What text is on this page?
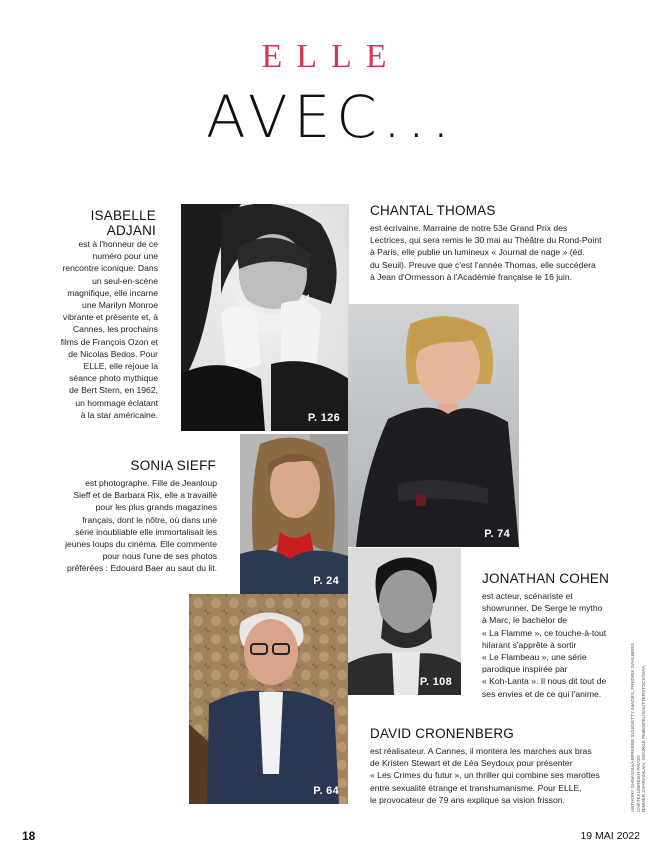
ELLE
AVEC...
ISABELLE
ADJANI
est à l'honneur de ce
numéro pour une
rencontre iconique. Dans
un seul-en-scène
magnifique, elle incarne
une Marilyn Monroe
vibrante et présente et, à
Cannes, les prochains
films de François Ozon et
de Nicolas Bedos. Pour
ELLE, elle rejoue la
séance photo mythique
de Bert Stern, en 1962,
un hommage éclatant
à la star américaine.	P. 126
CHANTAL THOMAS
est écrivaine. Marraine de notre 53e Grand Prix des
Lectrices, qui sera remis le 30 mai au Théâtre du Rond-Point
à Paris, elle publie un lumineux « Journal de nage » (éd.
du Seuil). Preuve que c'est l'année Thomas, elle succédera
à Jean d'Ormesson à l'Académie française le 16 juin.
P. 74
SONIA SIEFF
est photographe. Fille de Jeanloup
Sieff et de Barbara Rix, elle a travaillé
pour les plus grands magazines
français, dont le nôtre, où dans une
série inoubliable elle immortalisait les
jeunes loups du cinéma. Elle commente
pour nous l'une de ses photos
préférées : Edouard Baer au saut du lit.
P. 24
P. 108
JONATHAN COHEN
est acteur, scénariste et
showrunner. De Serge le mytho
à Marc, le bachelor de
« La Flamme », ce touche-à-tout
hilarant s'apprête à sortir
« Le Flambeau », une série
parodique inspirée par
« Koh-Lanta ». Il nous dit tout de
ses envies et de ce qui l'anime.
P. 64
DAVID CRONENBERG
est réalisateur. A Cannes, il montera les marches aux bras
de Kristen Stewart et de Léa Seydoux pour présenter
« Les Crimes du futur », un thriller qui combine ses marottes
entre sexualité étrange et transhumanisme. Pour ELLE,
le provocateur de 79 ans explique sa vision frisson.	ANTHONY GHNASSIA/AB/PIERRE SUU/GETTY IMAGES, FREDRIK DAHLBERG CHÂTEAU/BREIZH PAVOD NIMHER ZAHRA/HLAIV, GEORGE PIMENTEL/SHUTTERSTOCK/SIPA.
18	19 MAI 2022
